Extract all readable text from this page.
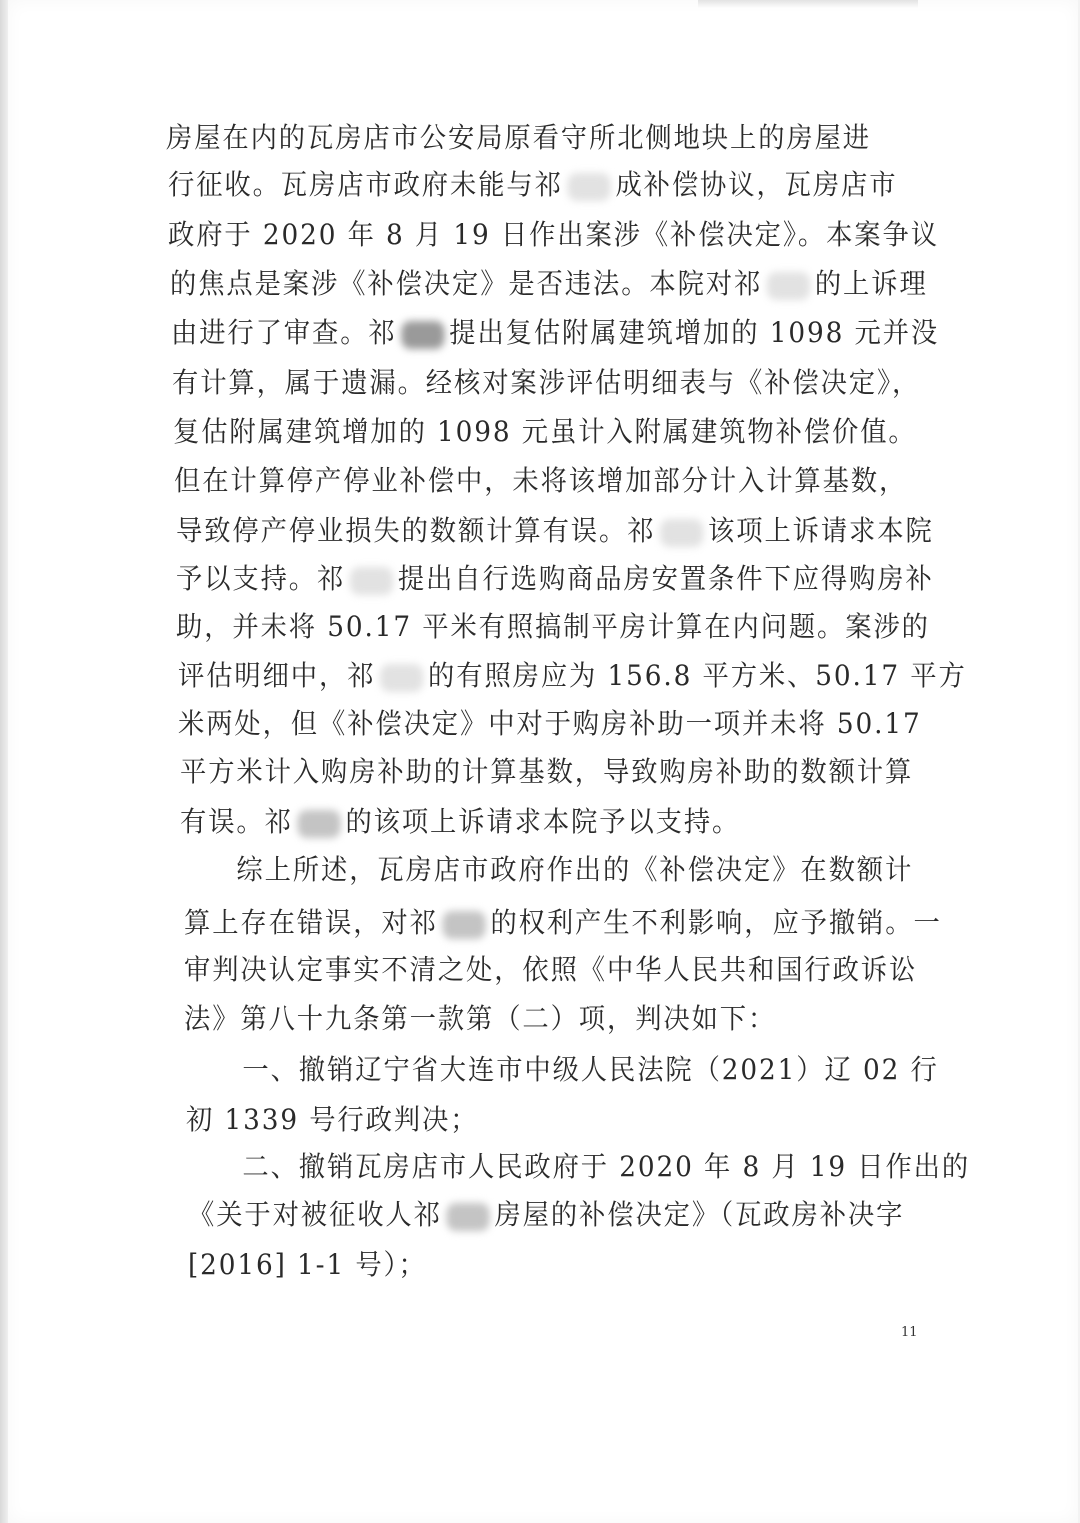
房屋在内的瓦房店市公安局原看守所北侧地块上的房屋进
行征收。瓦房店市政府未能与祁 成补偿协议，瓦房店市
政府于 2020 年 8 月 19 日作出案涉《补偿决定》。本案争议
的焦点是案涉《补偿决定》是否违法。本院对祁 的上诉理
由进行了审查。祁 提出复估附属建筑增加的 1098 元并没
有计算，属于遗漏。经核对案涉评估明细表与《补偿决定》，
复估附属建筑增加的 1098 元虽计入附属建筑物补偿价值。
但在计算停产停业补偿中，未将该增加部分计入计算基数，
导致停产停业损失的数额计算有误。祁 该项上诉请求本院
予以支持。祁 提出自行选购商品房安置条件下应得购房补
助，并未将 50.17 平米有照搞制平房计算在内问题。案涉的
评估明细中，祁 的有照房应为 156.8 平方米、50.17 平方
米两处，但《补偿决定》中对于购房补助一项并未将 50.17
平方米计入购房补助的计算基数，导致购房补助的数额计算
有误。祁 的该项上诉请求本院予以支持。
　　综上所述，瓦房店市政府作出的《补偿决定》在数额计
算上存在错误，对祁 的权利产生不利影响，应予撤销。一
审判决认定事实不清之处，依照《中华人民共和国行政诉讼
法》第八十九条第一款第（二）项，判决如下：
　　一、撤销辽宁省大连市中级人民法院（2021）辽 02 行
初 1339 号行政判决；
　　二、撤销瓦房店市人民政府于 2020 年 8 月 19 日作出的
《关于对被征收人祁 房屋的补偿决定》（瓦政房补决字
[2016] 1-1 号）；
11
